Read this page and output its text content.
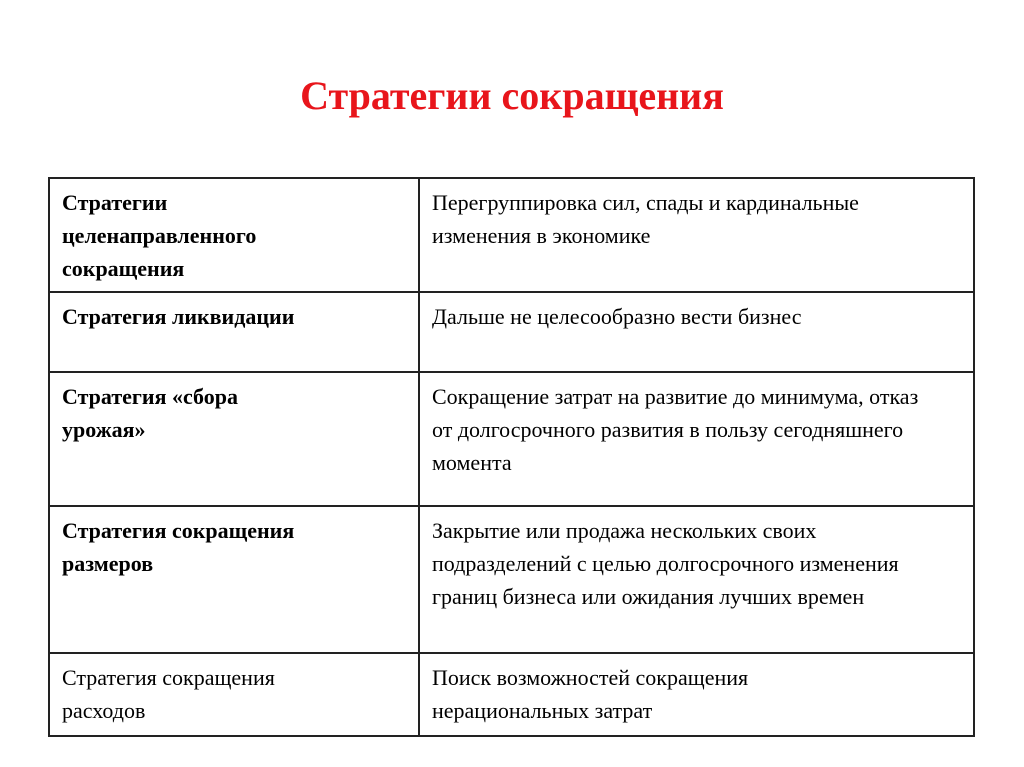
Стратегии сокращения
Стратегии целенаправленного сокращения	Перегруппировка сил, спады и кардинальные изменения в экономике
Стратегия ликвидации	Дальше не целесообразно вести бизнес
Стратегия «сбора урожая»	Сокращение затрат на развитие до минимума, отказ от долгосрочного развития в пользу сегодняшнего момента
Стратегия сокращения размеров	Закрытие или продажа нескольких своих подразделений с целью долгосрочного изменения границ бизнеса или ожидания лучших времен
Стратегия сокращения расходов	Поиск возможностей сокращения нерациональных затрат
